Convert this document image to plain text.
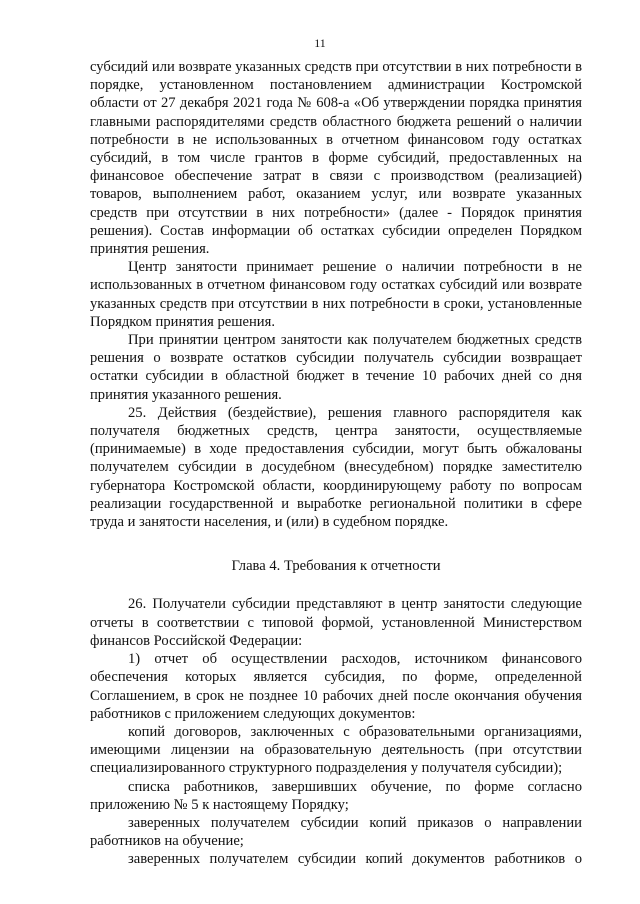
11

субсидий или возврате указанных средств при отсутствии в них потребности в порядке, установленном постановлением администрации Костромской области от 27 декабря 2021 года № 608-а «Об утверждении порядка принятия главными распорядителями средств областного бюджета решений о наличии потребности в не использованных в отчетном финансовом году остатках субсидий, в том числе грантов в форме субсидий, предоставленных на финансовое обеспечение затрат в связи с производством (реализацией) товаров, выполнением работ, оказанием услуг, или возврате указанных средств при отсутствии в них потребности» (далее - Порядок принятия решения). Состав информации об остатках субсидии определен Порядком принятия решения.

Центр занятости принимает решение о наличии потребности в не использованных в отчетном финансовом году остатках субсидий или возврате указанных средств при отсутствии в них потребности в сроки, установленные Порядком принятия решения.

При принятии центром занятости как получателем бюджетных средств решения о возврате остатков субсидии получатель субсидии возвращает остатки субсидии в областной бюджет в течение 10 рабочих дней со дня принятия указанного решения.

25. Действия (бездействие), решения главного распорядителя как получателя бюджетных средств, центра занятости, осуществляемые (принимаемые) в ходе предоставления субсидии, могут быть обжалованы получателем субсидии в досудебном (внесудебном) порядке заместителю губернатора Костромской области, координирующему работу по вопросам реализации государственной и выработке региональной политики в сфере труда и занятости населения, и (или) в судебном порядке.

Глава 4. Требования к отчетности

26. Получатели субсидии представляют в центр занятости следующие отчеты в соответствии с типовой формой, установленной Министерством финансов Российской Федерации:

1) отчет об осуществлении расходов, источником финансового обеспечения которых является субсидия, по форме, определенной Соглашением, в срок не позднее 10 рабочих дней после окончания обучения работников с приложением следующих документов:

копий договоров, заключенных с образовательными организациями, имеющими лицензии на образовательную деятельность (при отсутствии специализированного структурного подразделения у получателя субсидии);

списка работников, завершивших обучение, по форме согласно приложению № 5 к настоящему Порядку;

заверенных получателем субсидии копий приказов о направлении работников на обучение;

заверенных получателем субсидии копий документов работников о
